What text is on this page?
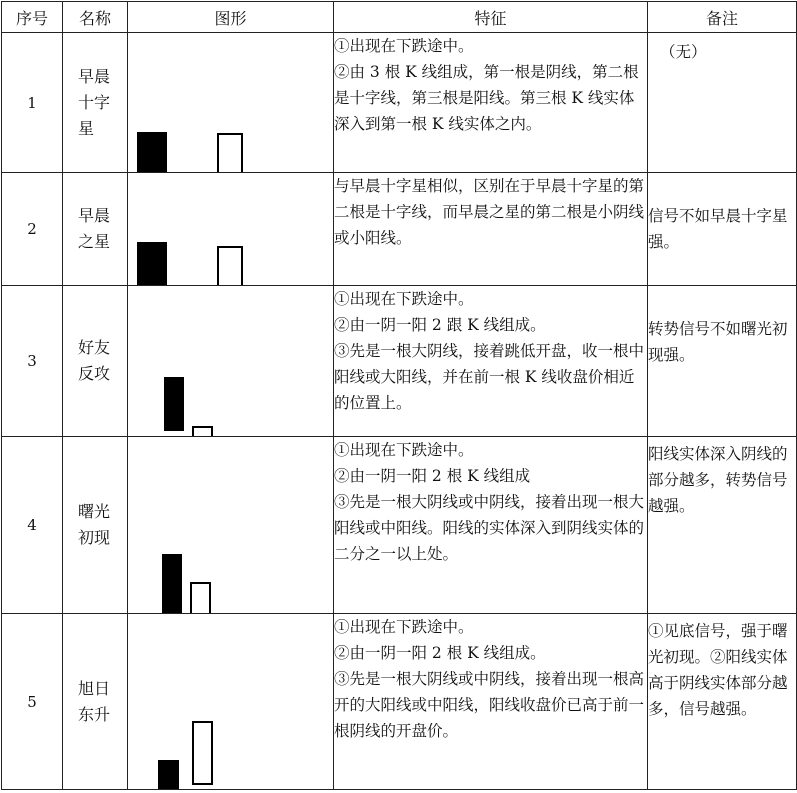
序号	名称	图形	特征	备注
1	早晨十字星		①出现在下跌途中。
②由 3 根 K 线组成，第一根是阴线，第二根是十字线，第三根是阳线。第三根 K 线实体深入到第一根 K 线实体之内。	（无）

2	早晨之星		与早晨十字星相似，区别在于早晨十字星的第二根是十字线，而早晨之星的第二根是小阴线或小阳线。	信号不如早晨十字星强。

3	好友反攻		①出现在下跌途中。
②由一阴一阳 2 跟 K 线组成。
③先是一根大阴线，接着跳低开盘，收一根中阳线或大阳线，并在前一根 K 线收盘价相近的位置上。	转势信号不如曙光初现强。

4	曙光初现		①出现在下跌途中。
②由一阴一阳 2 根 K 线组成
③先是一根大阴线或中阴线，接着出现一根大阳线或中阳线。阳线的实体深入到阴线实体的二分之一以上处。	阳线实体深入阴线的部分越多，转势信号越强。

5	旭日东升		①出现在下跌途中。
②由一阴一阳 2 根 K 线组成。
③先是一根大阴线或中阴线，接着出现一根高开的大阳线或中阳线，阳线收盘价已高于前一根阴线的开盘价。	①见底信号，强于曙光初现。②阳线实体高于阴线实体部分越多，信号越强。
